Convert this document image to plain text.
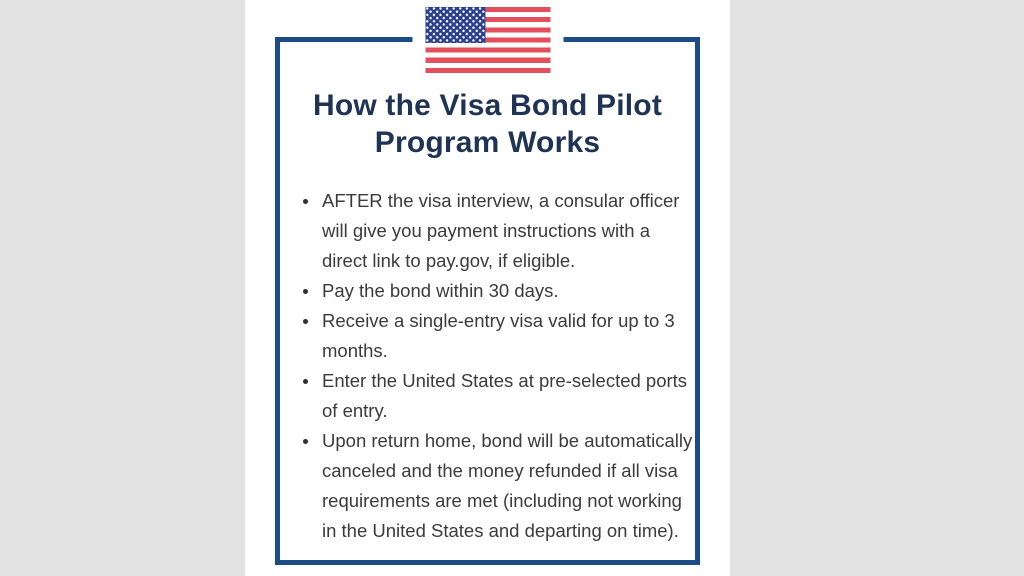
How the Visa Bond Pilot
Program Works
• AFTER the visa interview, a consular officer will give you payment instructions with a direct link to pay.gov, if eligible.
• Pay the bond within 30 days.
• Receive a single-entry visa valid for up to 3 months.
• Enter the United States at pre-selected ports of entry.
• Upon return home, bond will be automatically canceled and the money refunded if all visa requirements are met (including not working in the United States and departing on time).
